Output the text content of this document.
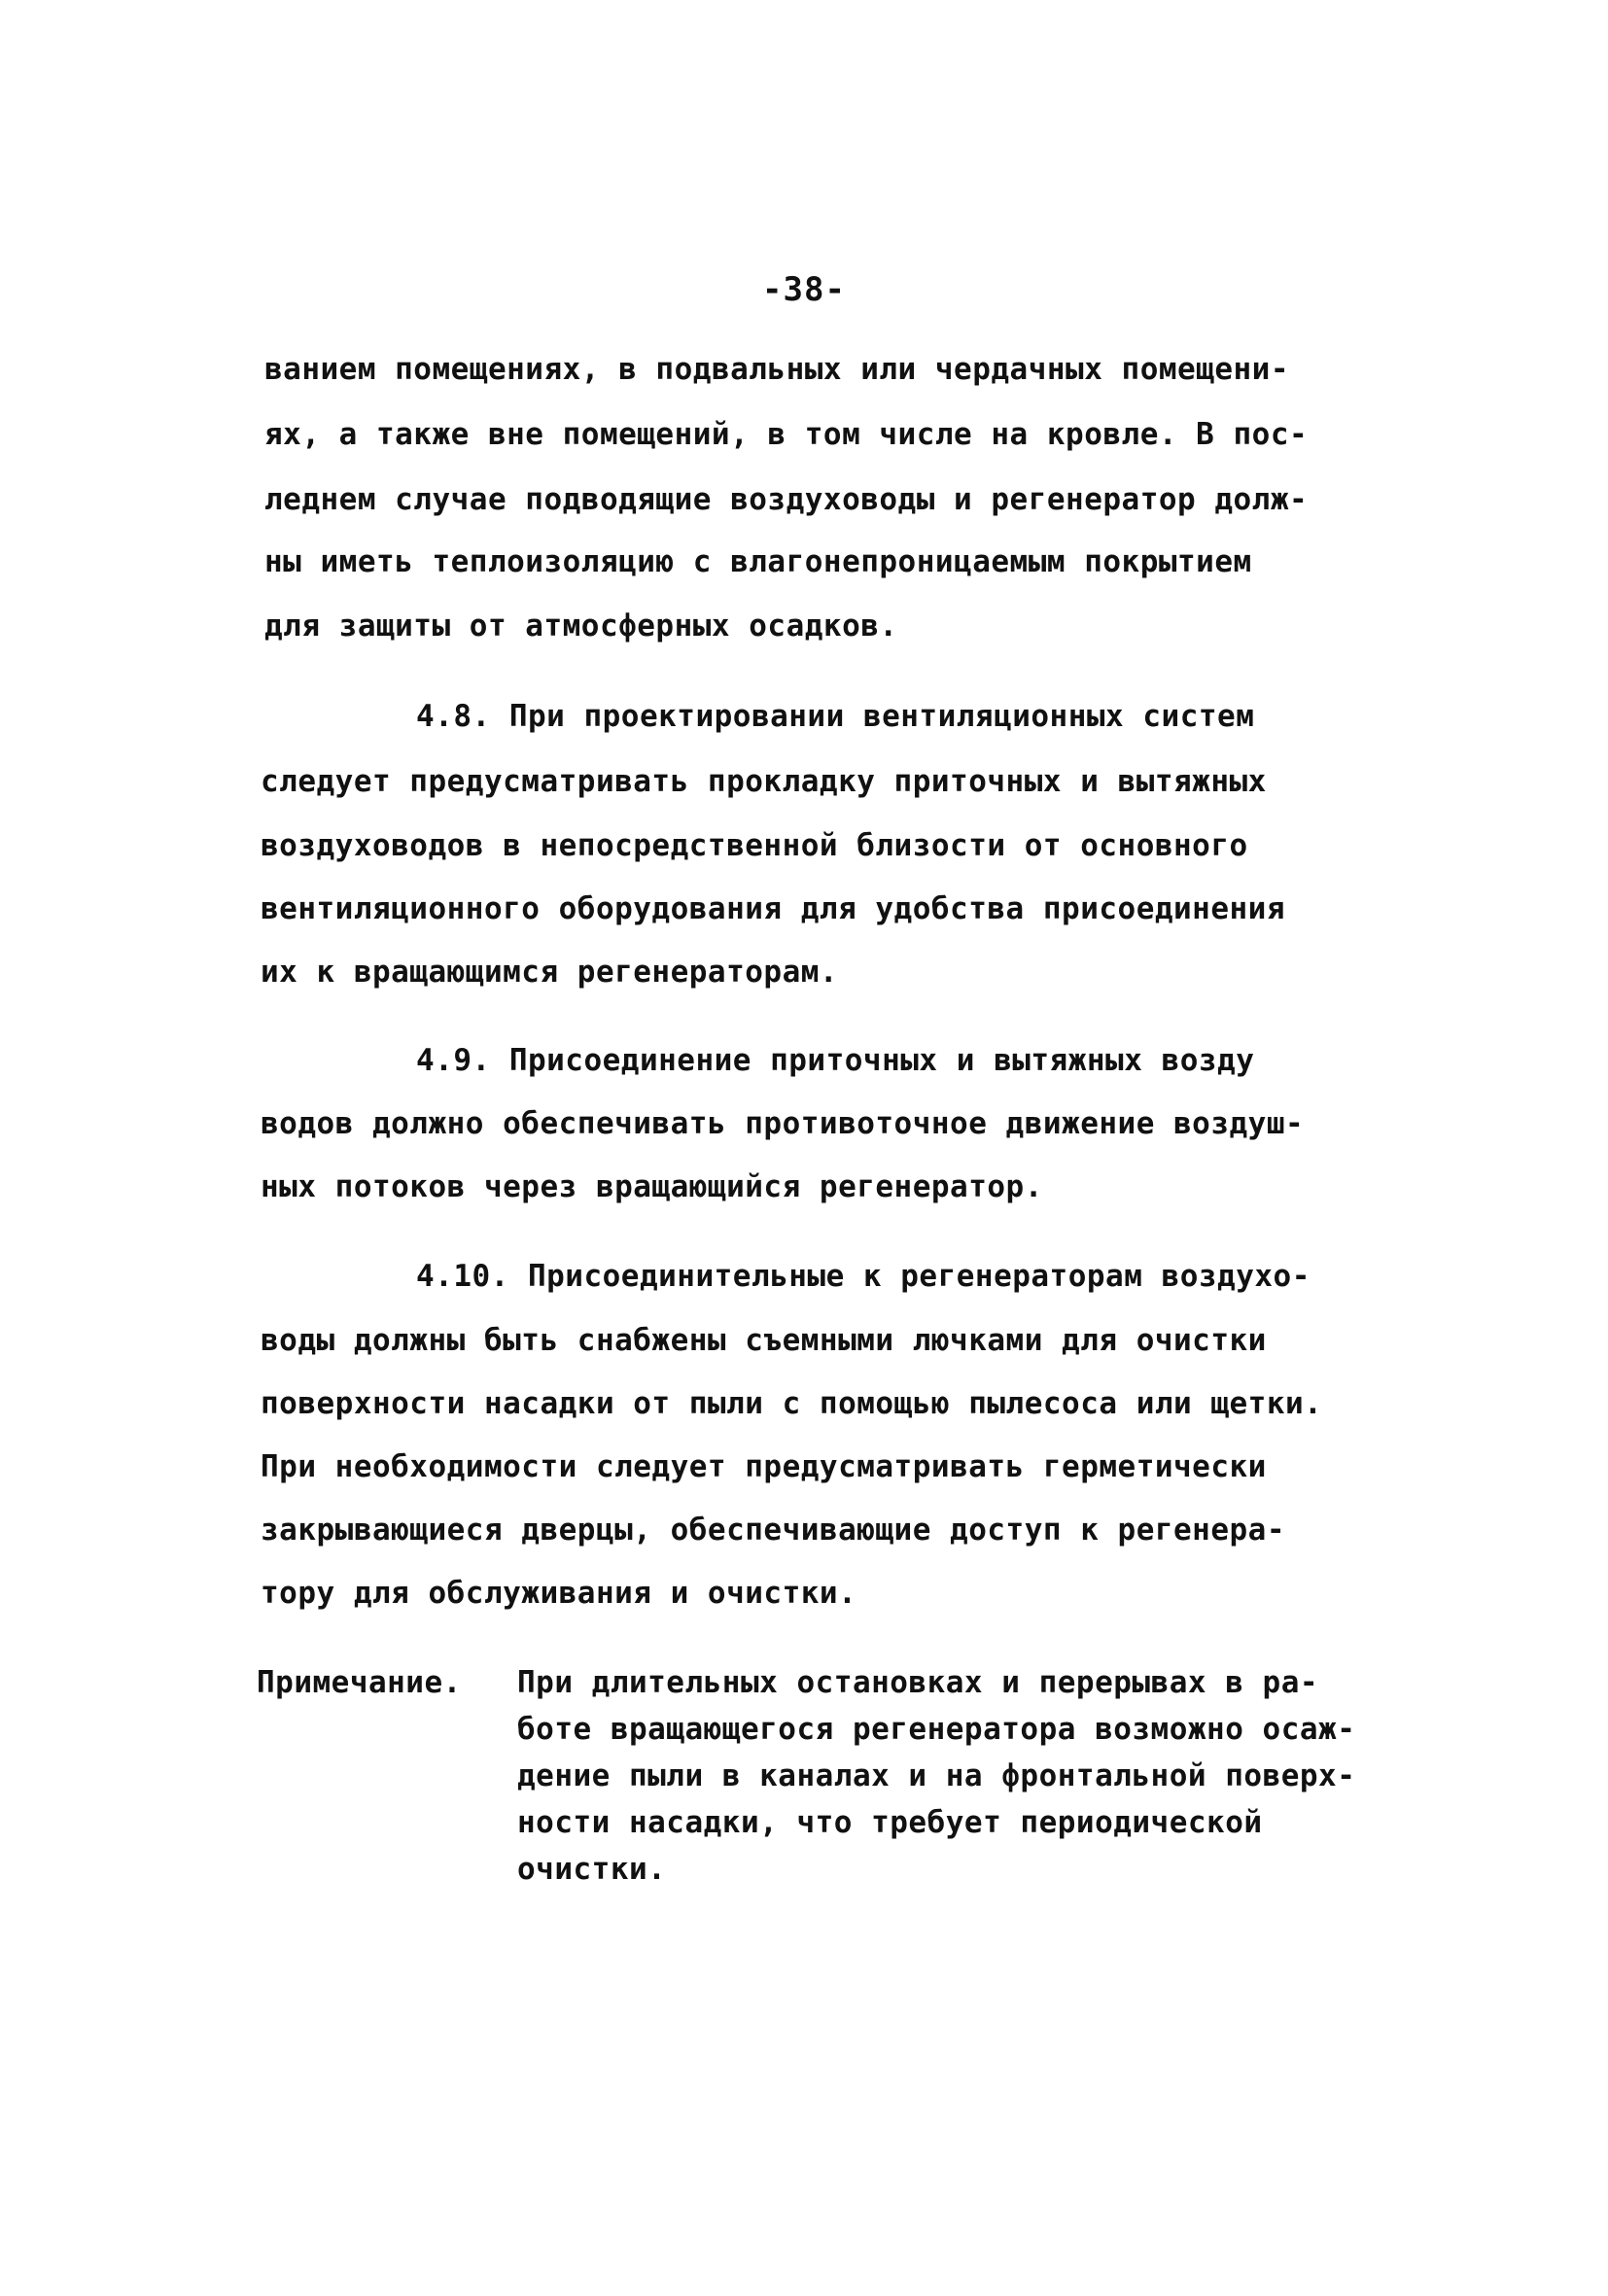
-38-
ванием помещениях, в подвальных или чердачных помещени-
ях, а также вне помещений, в том числе на кровле. В пос-
леднем случае подводящие воздуховоды и регенератор долж-
ны иметь теплоизоляцию с влагонепроницаемым покрытием
для защиты от атмосферных осадков.
4.8. При проектировании вентиляционных систем
следует предусматривать прокладку приточных и вытяжных
воздуховодов в непосредственной близости от основного
вентиляционного оборудования для удобства присоединения
их к вращающимся регенераторам.
4.9. Присоединение приточных и вытяжных возду
водов должно обеспечивать противоточное движение воздуш-
ных потоков через вращающийся регенератор.
4.10. Присоединительные к регенераторам воздухо-
воды должны быть снабжены съемными лючками для очистки
поверхности насадки от пыли с помощью пылесоса или щетки.
При необходимости следует предусматривать герметически
закрывающиеся дверцы, обеспечивающие доступ к регенера-
тору для обслуживания и очистки.
Примечание. При длительных остановках и перерывах в ра-
боте вращающегося регенератора возможно осаж-
дение пыли в каналах и на фронтальной поверх-
ности насадки, что требует периодической
очистки.
